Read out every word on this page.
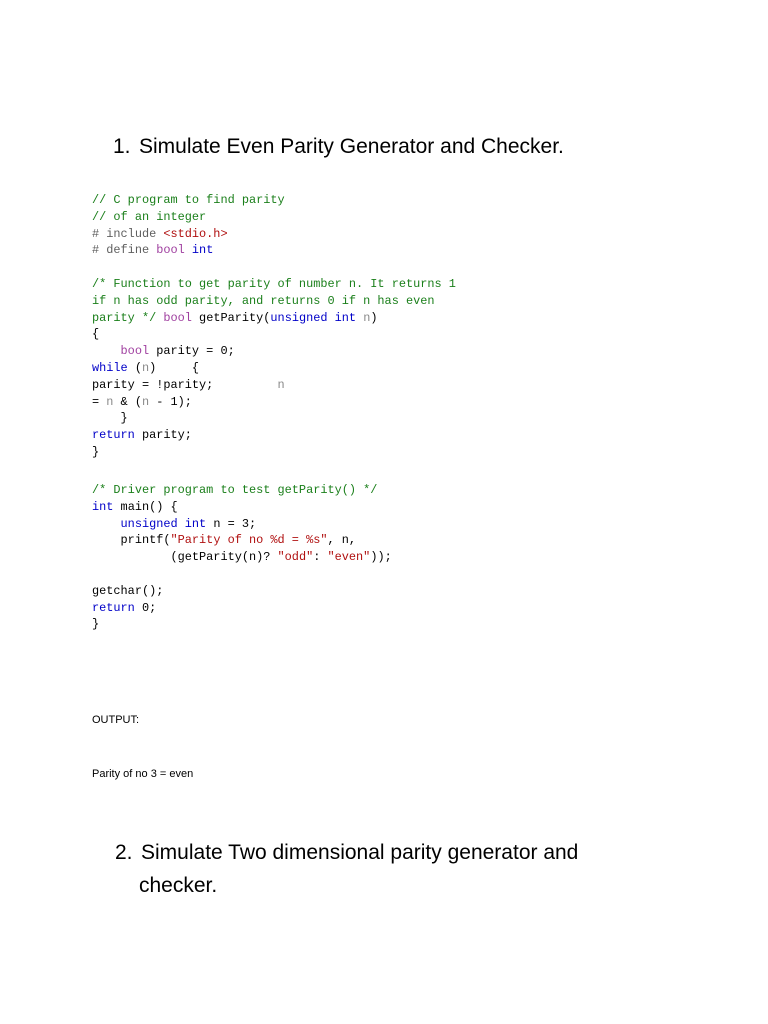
1. Simulate Even Parity Generator and Checker.
// C program to find parity
// of an integer
# include <stdio.h>
# define bool int

/* Function to get parity of number n. It returns 1
if n has odd parity, and returns 0 if n has even
parity */ bool getParity(unsigned int n)
{
bool parity = 0;
while (n)     {
parity = !parity;	n
= n & (n - 1);
}
return parity;
}
/* Driver program to test getParity() */
int main() {
unsigned int n = 3;
printf("Parity of no %d = %s", n,
(getParity(n)? "odd": "even"));

getchar();
return 0;
}

OUTPUT:

Parity of no 3 = even

2. Simulate Two dimensional parity generator and
checker.
